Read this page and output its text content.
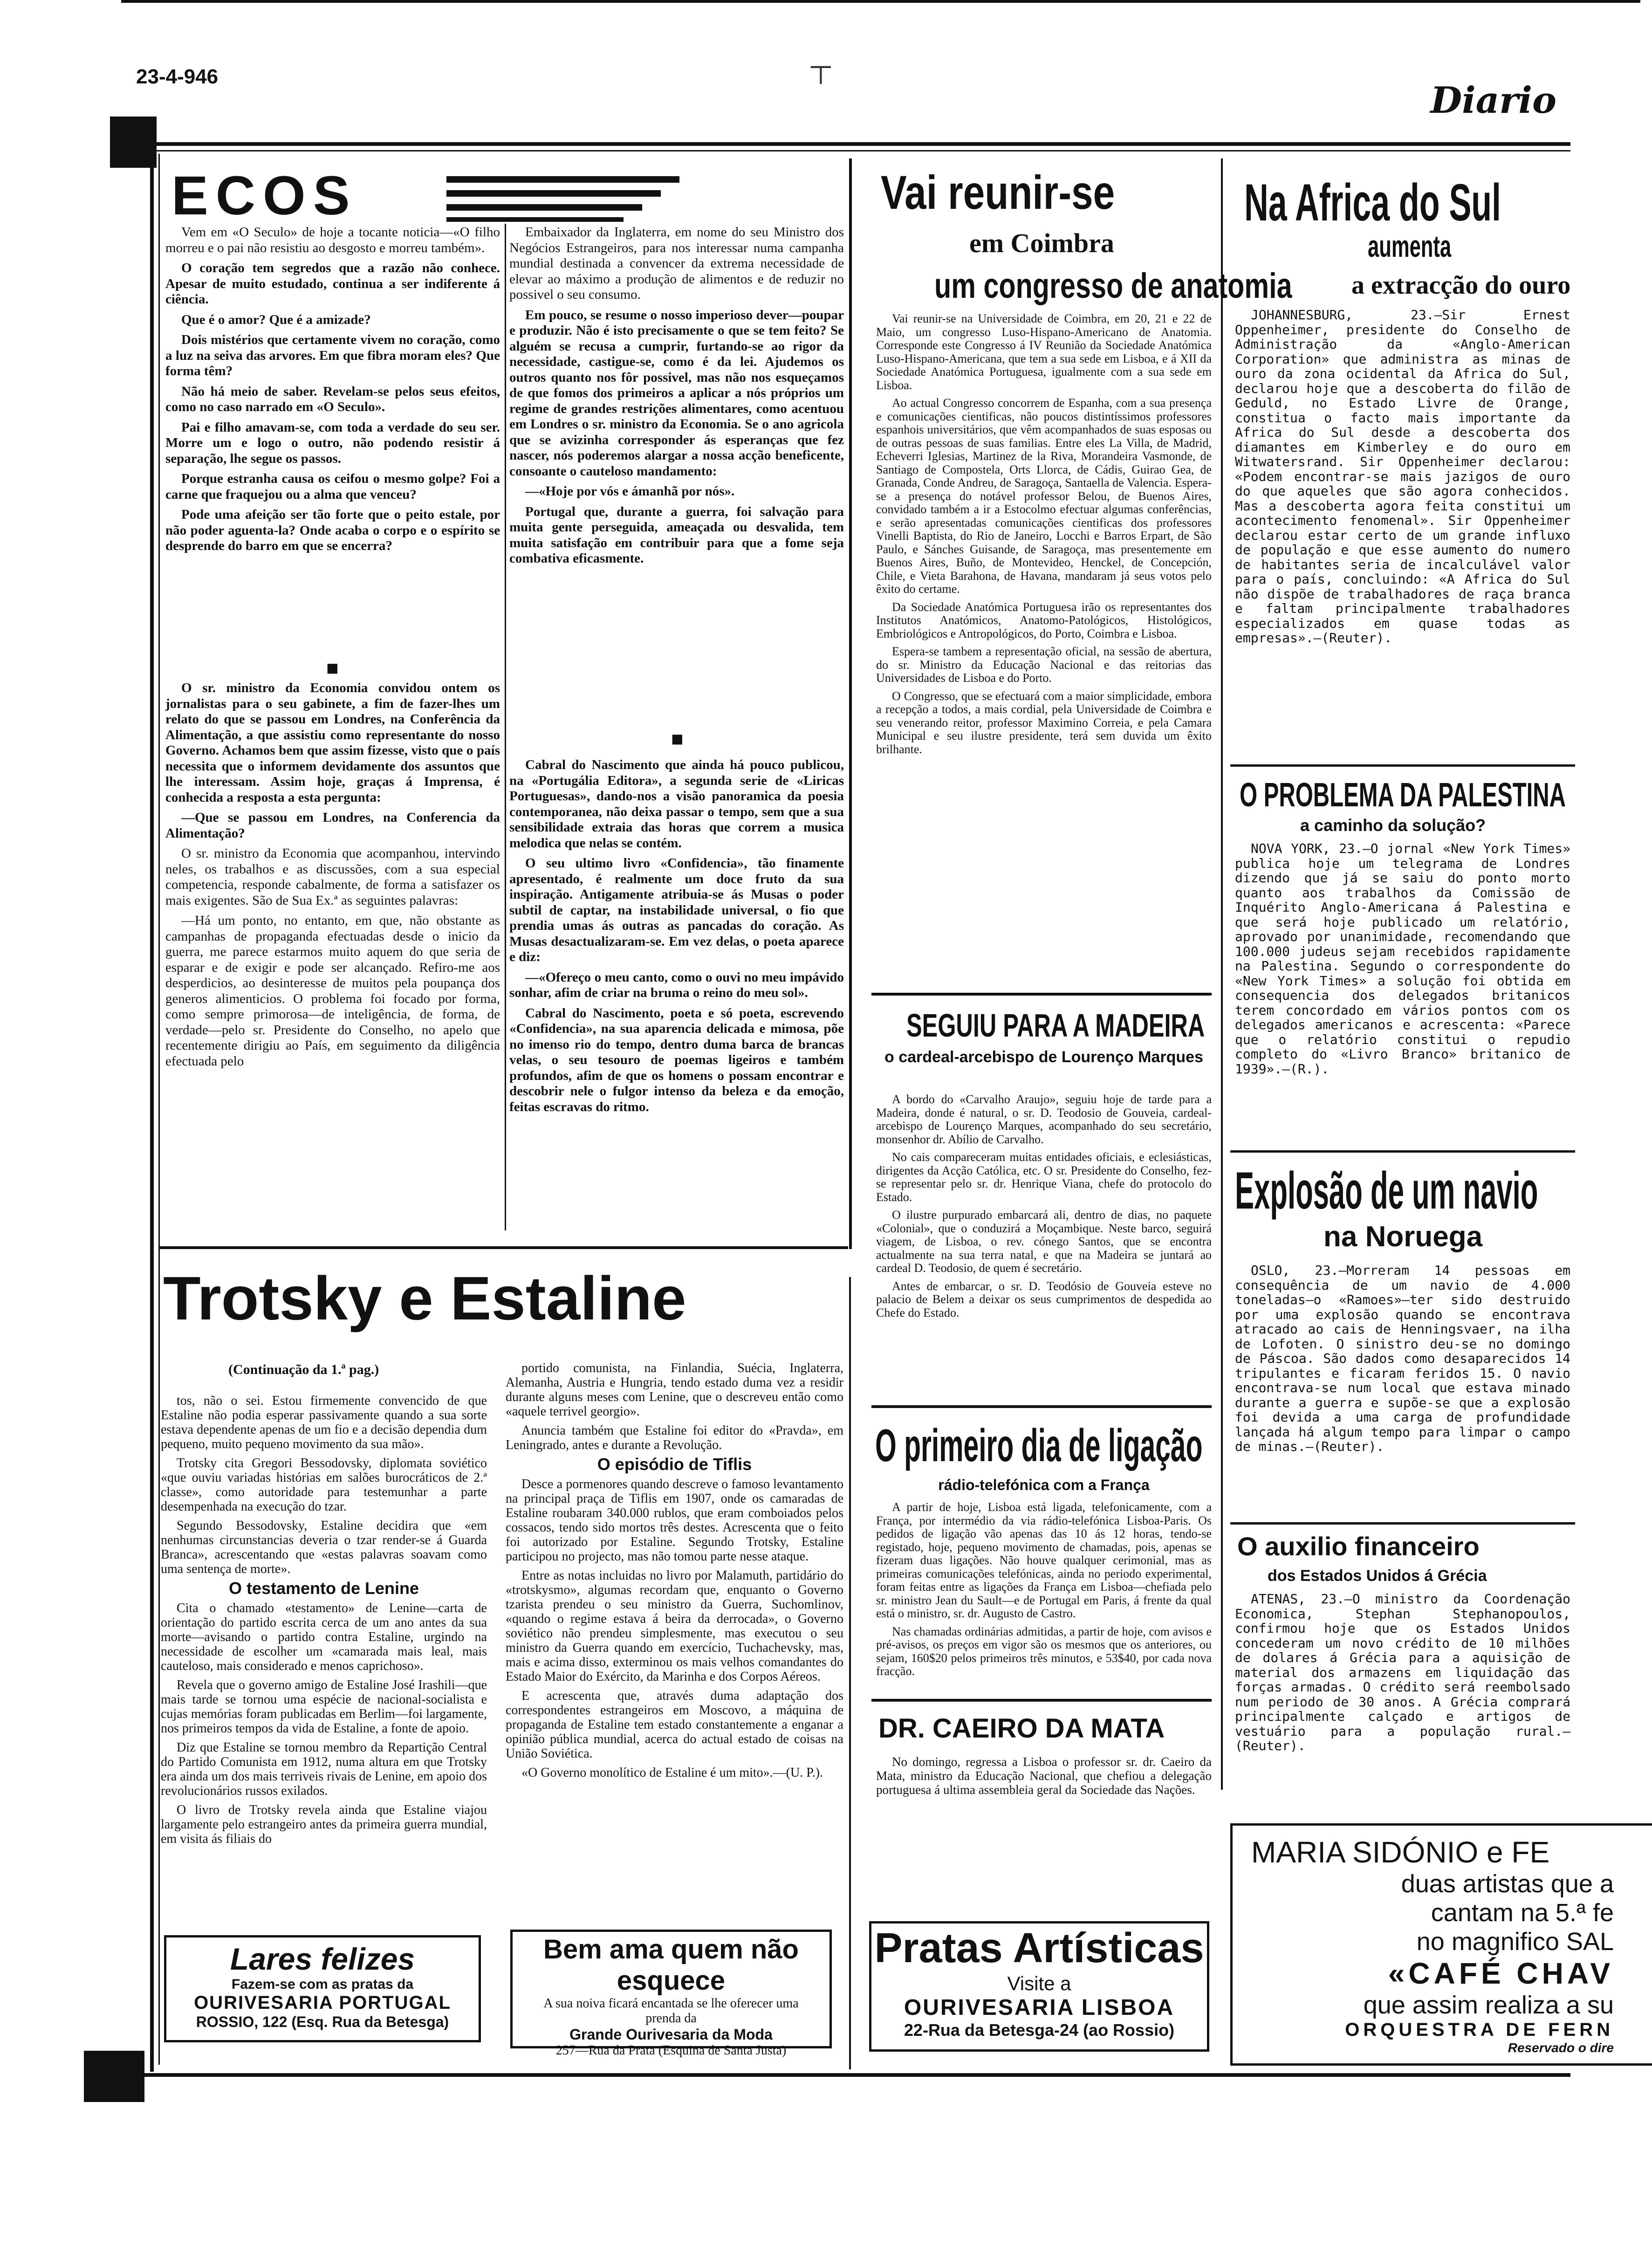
23-4-946	┬
Diario
ECOS

Vem em «O Seculo» de hoje a tocante noticia—«O filho morreu e o pai não resistiu ao desgosto e morreu também».

O coração tem segredos que a razão não conhece. Apesar de muito estudado, continua a ser indiferente á ciência.

Que é o amor? Que é a amizade?

Dois mistérios que certamente vivem no coração, como a luz na seiva das arvores. Em que fibra moram eles? Que forma têm?

Não há meio de saber. Revelam-se pelos seus efeitos, como no caso narrado em «O Seculo».

Pai e filho amavam-se, com toda a verdade do seu ser. Morre um e logo o outro, não podendo resistir á separação, lhe segue os passos.

Porque estranha causa os ceifou o mesmo golpe? Foi a carne que fraquejou ou a alma que venceu?

Pode uma afeição ser tão forte que o peito estale, por não poder aguenta-la? Onde acaba o corpo e o espírito se desprende do barro em que se encerra?

■

O sr. ministro da Economia convidou ontem os jornalistas para o seu gabinete, a fim de fazer-lhes um relato do que se passou em Londres, na Conferência da Alimentação, a que assistiu como representante do nosso Governo. Achamos bem que assim fizesse, visto que o país necessita que o informem devidamente dos assuntos que lhe interessam. Assim hoje, graças á Imprensa, é conhecida a resposta a esta pergunta:

—Que se passou em Londres, na Conferencia da Alimentação?

O sr. ministro da Economia que acompanhou, intervindo neles, os trabalhos e as discussões, com a sua especial competencia, responde cabalmente, de forma a satisfazer os mais exigentes. São de Sua Ex.ª as seguintes palavras:

—Há um ponto, no entanto, em que, não obstante as campanhas de propaganda efectuadas desde o inicio da guerra, me parece estarmos muito aquem do que seria de esparar e de exigir e pode ser alcançado. Refiro-me aos desperdicios, ao desinteresse de muitos pela poupança dos generos alimenticios. O problema foi focado por forma, como sempre primorosa—de inteligência, de forma, de verdade—pelo sr. Presidente do Conselho, no apelo que recentemente dirigiu ao País, em seguimento da diligência efectuada pelo

Embaixador da Inglaterra, em nome do seu Ministro dos Negócios Estrangeiros, para nos interessar numa campanha mundial destinada a convencer da extrema necessidade de elevar ao máximo a produção de alimentos e de reduzir no possivel o seu consumo.

Em pouco, se resume o nosso imperioso dever—poupar e produzir. Não é isto precisamente o que se tem feito? Se alguém se recusa a cumprir, furtando-se ao rigor da necessidade, castigue-se, como é da lei. Ajudemos os outros quanto nos fôr possivel, mas não nos esqueçamos de que fomos dos primeiros a aplicar a nós próprios um regime de grandes restrições alimentares, como acentuou em Londres o sr. ministro da Economia. Se o ano agricola que se avizinha corresponder ás esperanças que fez nascer, nós poderemos alargar a nossa acção beneficente, consoante o cauteloso mandamento:

—«Hoje por vós e ámanhã por nós».

Portugal que, durante a guerra, foi salvação para muita gente perseguida, ameaçada ou desvalida, tem muita satisfação em contribuir para que a fome seja combativa eficasmente.

■

Cabral do Nascimento que ainda há pouco publicou, na «Portugália Editora», a segunda serie de «Liricas Portuguesas», dando-nos a visão panoramica da poesia contemporanea, não deixa passar o tempo, sem que a sua sensibilidade extraia das horas que correm a musica melodica que nelas se contém.

O seu ultimo livro «Confidencia», tão finamente apresentado, é realmente um doce fruto da sua inspiração. Antigamente atribuia-se ás Musas o poder subtil de captar, na instabilidade universal, o fio que prendia umas ás outras as pancadas do coração. As Musas desactualizaram-se. Em vez delas, o poeta aparece e diz:

—«Ofereço o meu canto, como o ouvi no meu impávido sonhar, afim de criar na bruma o reino do meu sol».

Cabral do Nascimento, poeta e só poeta, escrevendo «Confidencia», na sua aparencia delicada e mimosa, põe no imenso rio do tempo, dentro duma barca de brancas velas, o seu tesouro de poemas ligeiros e também profundos, afim de que os homens o possam encontrar e descobrir nele o fulgor intenso da beleza e da emoção, feitas escravas do ritmo.

Trotsky e Estaline
(Continuação da 1.ª pag.)

tos, não o sei. Estou firmemente convencido de que Estaline não podia esperar passivamente quando a sua sorte estava dependente apenas de um fio e a decisão dependia dum pequeno, muito pequeno movimento da sua mão».

Trotsky cita Gregori Bessodovsky, diplomata soviético «que ouviu variadas histórias em salões burocráticos de 2.ª classe», como autoridade para testemunhar a parte desempenhada na execução do tzar.

Segundo Bessodovsky, Estaline decidira que «em nenhumas circunstancias deveria o tzar render-se á Guarda Branca», acrescentando que «estas palavras soavam como uma sentença de morte».

O testamento de Lenine

Cita o chamado «testamento» de Lenine—carta de orientação do partido escrita cerca de um ano antes da sua morte—avisando o partido contra Estaline, urgindo na necessidade de escolher um «camarada mais leal, mais cauteloso, mais considerado e menos caprichoso».

Revela que o governo amigo de Estaline José Irashili—que mais tarde se tornou uma espécie de nacional-socialista e cujas memórias foram publicadas em Berlim—foi largamente, nos primeiros tempos da vida de Estaline, a fonte de apoio.

Diz que Estaline se tornou membro da Repartição Central do Partido Comunista em 1912, numa altura em que Trotsky era ainda um dos mais terriveis rivais de Lenine, em apoio dos revolucionários russos exilados.

O livro de Trotsky revela ainda que Estaline viajou largamente pelo estrangeiro antes da primeira guerra mundial, em visita ás filiais do

portido comunista, na Finlandia, Suécia, Inglaterra, Alemanha, Austria e Hungria, tendo estado duma vez a residir durante alguns meses com Lenine, que o descreveu então como «aquele terrivel georgio».

Anuncia também que Estaline foi editor do «Pravda», em Leningrado, antes e durante a Revolução.

O episódio de Tiflis

Desce a pormenores quando descreve o famoso levantamento na principal praça de Tiflis em 1907, onde os camaradas de Estaline roubaram 340.000 rublos, que eram comboiados pelos cossacos, tendo sido mortos três destes. Acrescenta que o feito foi autorizado por Estaline. Segundo Trotsky, Estaline participou no projecto, mas não tomou parte nesse ataque.

Entre as notas incluidas no livro por Malamuth, partidário do «trotskysmo», algumas recordam que, enquanto o Governo tzarista prendeu o seu ministro da Guerra, Suchomlinov, «quando o regime estava á beira da derrocada», o Governo soviético não prendeu simplesmente, mas executou o seu ministro da Guerra quando em exercício, Tuchachevsky, mas, mais e acima disso, exterminou os mais velhos comandantes do Estado Maior do Exército, da Marinha e dos Corpos Aéreos.

E acrescenta que, através duma adaptação dos correspondentes estrangeiros em Moscovo, a máquina de propaganda de Estaline tem estado constantemente a enganar a opinião pública mundial, acerca do actual estado de coisas na União Soviética.

«O Governo monolítico de Estaline é um mito».—(U. P.).

Lares felizes
Fazem-se com as pratas da
OURIVESARIA PORTUGAL
ROSSIO, 122 (Esq. Rua da Betesga)
Bem ama quem não esquece
A sua noiva ficará encantada se lhe oferecer uma prenda da
Grande Ourivesaria da Moda
257—Rua da Prata (Esquina de Santa Justa)
Pratas Artísticas
Visite a
OURIVESARIA LISBOA
22-Rua da Betesga-24 (ao Rossio)
MARIA SIDÓNIO e FE
duas artistas que a
cantam na 5.ª fe
no magnifico SAL
«CAFÉ CHAV
que assim realiza a su
ORQUESTRA DE FERN
Reservado o dire
Vai reunir-se
em Coimbra
um congresso de anatomia

Vai reunir-se na Universidade de Coimbra, em 20, 21 e 22 de Maio, um congresso Luso-Hispano-Americano de Anatomia. Corresponde este Congresso á IV Reunião da Sociedade Anatómica Luso-Hispano-Americana, que tem a sua sede em Lisboa, e á XII da Sociedade Anatómica Portuguesa, igualmente com a sua sede em Lisboa.

Ao actual Congresso concorrem de Espanha, com a sua presença e comunicações cientificas, não poucos distintíssimos professores espanhois universitários, que vêm acompanhados de suas esposas ou de outras pessoas de suas familias. Entre eles La Villa, de Madrid, Echeverri Iglesias, Martinez de la Riva, Morandeira Vasmonde, de Santiago de Compostela, Orts Llorca, de Cádis, Guirao Gea, de Granada, Conde Andreu, de Saragoça, Santaella de Valencia. Espera-se a presença do notável professor Belou, de Buenos Aires, convidado também a ir a Estocolmo efectuar algumas conferências, e serão apresentadas comunicações cientificas dos professores Vinelli Baptista, do Rio de Janeiro, Locchi e Barros Erpart, de São Paulo, e Sánches Guisande, de Saragoça, mas presentemente em Buenos Aires, Buño, de Montevideo, Henckel, de Concepción, Chile, e Vieta Barahona, de Havana, mandaram já seus votos pelo êxito do certame.

Da Sociedade Anatómica Portuguesa irão os representantes dos Institutos Anatómicos, Anatomo-Patológicos, Histológicos, Embriológicos e Antropológicos, do Porto, Coimbra e Lisboa.

Espera-se tambem a representação oficial, na sessão de abertura, do sr. Ministro da Educação Nacional e das reitorias das Universidades de Lisboa e do Porto.

O Congresso, que se efectuará com a maior simplicidade, embora a recepção a todos, a mais cordial, pela Universidade de Coimbra e seu venerando reitor, professor Maximino Correia, e pela Camara Municipal e seu ilustre presidente, terá sem duvida um êxito brilhante.

SEGUIU PARA A MADEIRA
o cardeal-arcebispo de Lourenço Marques

A bordo do «Carvalho Araujo», seguiu hoje de tarde para a Madeira, donde é natural, o sr. D. Teodosio de Gouveia, cardeal-arcebispo de Lourenço Marques, acompanhado do seu secretário, monsenhor dr. Abílio de Carvalho.

No cais compareceram muitas entidades oficiais, e eclesiásticas, dirigentes da Acção Católica, etc. O sr. Presidente do Conselho, fez-se representar pelo sr. dr. Henrique Viana, chefe do protocolo do Estado.

O ilustre purpurado embarcará ali, dentro de dias, no paquete «Colonial», que o conduzirá a Moçambique. Neste barco, seguirá viagem, de Lisboa, o rev. cónego Santos, que se encontra actualmente na sua terra natal, e que na Madeira se juntará ao cardeal D. Teodosio, de quem é secretário.

Antes de embarcar, o sr. D. Teodósio de Gouveia esteve no palacio de Belem a deixar os seus cumprimentos de despedida ao Chefe do Estado.

O primeiro dia de ligação
rádio-telefónica com a França

A partir de hoje, Lisboa está ligada, telefonicamente, com a França, por intermédio da via rádio-telefónica Lisboa-Paris. Os pedidos de ligação vão apenas das 10 ás 12 horas, tendo-se registado, hoje, pequeno movimento de chamadas, pois, apenas se fizeram duas ligações. Não houve qualquer cerimonial, mas as primeiras comunicações telefónicas, ainda no periodo experimental, foram feitas entre as ligações da França em Lisboa—chefiada pelo sr. ministro Jean du Sault—e de Portugal em Paris, á frente da qual está o ministro, sr. dr. Augusto de Castro.

Nas chamadas ordinárias admitidas, a partir de hoje, com avisos e pré-avisos, os preços em vigor são os mesmos que os anteriores, ou sejam, 160$20 pelos primeiros três minutos, e 53$40, por cada nova fracção.

DR. CAEIRO DA MATA

No domingo, regressa a Lisboa o professor sr. dr. Caeiro da Mata, ministro da Educação Nacional, que chefiou a delegação portuguesa á ultima assembleia geral da Sociedade das Nações.

Na Africa do Sul
aumenta
a extracção do ouro

JOHANNESBURG, 23.—Sir Ernest Oppenheimer, presidente do Conselho de Administração da «Anglo-American Corporation» que administra as minas de ouro da zona ocidental da Africa do Sul, declarou hoje que a descoberta do filão de Geduld, no Estado Livre de Orange, constitua o facto mais importante da Africa do Sul desde a descoberta dos diamantes em Kimberley e do ouro em Witwatersrand. Sir Oppenheimer declarou: «Podem encontrar-se mais jazigos de ouro do que aqueles que são agora conhecidos. Mas a descoberta agora feita constitui um acontecimento fenomenal». Sir Oppenheimer declarou estar certo de um grande influxo de população e que esse aumento do numero de habitantes seria de incalculável valor para o país, concluindo: «A Africa do Sul não dispõe de trabalhadores de raça branca e faltam principalmente trabalhadores especializados em quase todas as empresas».—(Reuter).

O PROBLEMA DA PALESTINA
a caminho da solução?

NOVA YORK, 23.—O jornal «New York Times» publica hoje um telegrama de Londres dizendo que já se saiu do ponto morto quanto aos trabalhos da Comissão de Inquérito Anglo-Americana á Palestina e que será hoje publicado um relatório, aprovado por unanimidade, recomendando que 100.000 judeus sejam recebidos rapidamente na Palestina. Segundo o correspondente do «New York Times» a solução foi obtida em consequencia dos delegados britanicos terem concordado em vários pontos com os delegados americanos e acrescenta: «Parece que o relatório constitui o repudio completo do «Livro Branco» britanico de 1939».—(R.).

Explosão de um navio
na Noruega

OSLO, 23.—Morreram 14 pessoas em consequência de um navio de 4.000 toneladas—o «Ramoes»—ter sido destruido por uma explosão quando se encontrava atracado ao cais de Henningsvaer, na ilha de Lofoten. O sinistro deu-se no domingo de Páscoa. São dados como desaparecidos 14 tripulantes e ficaram feridos 15. O navio encontrava-se num local que estava minado durante a guerra e supõe-se que a explosão foi devida a uma carga de profundidade lançada há algum tempo para limpar o campo de minas.—(Reuter).

O auxilio financeiro
dos Estados Unidos á Grécia

ATENAS, 23.—O ministro da Coordenação Economica, Stephan Stephanopoulos, confirmou hoje que os Estados Unidos concederam um novo crédito de 10 milhões de dolares á Grécia para a aquisição de material dos armazens em liquidação das forças armadas. O crédito será reembolsado num periodo de 30 anos. A Grécia comprará principalmente calçado e artigos de vestuário para a população rural.—(Reuter).
